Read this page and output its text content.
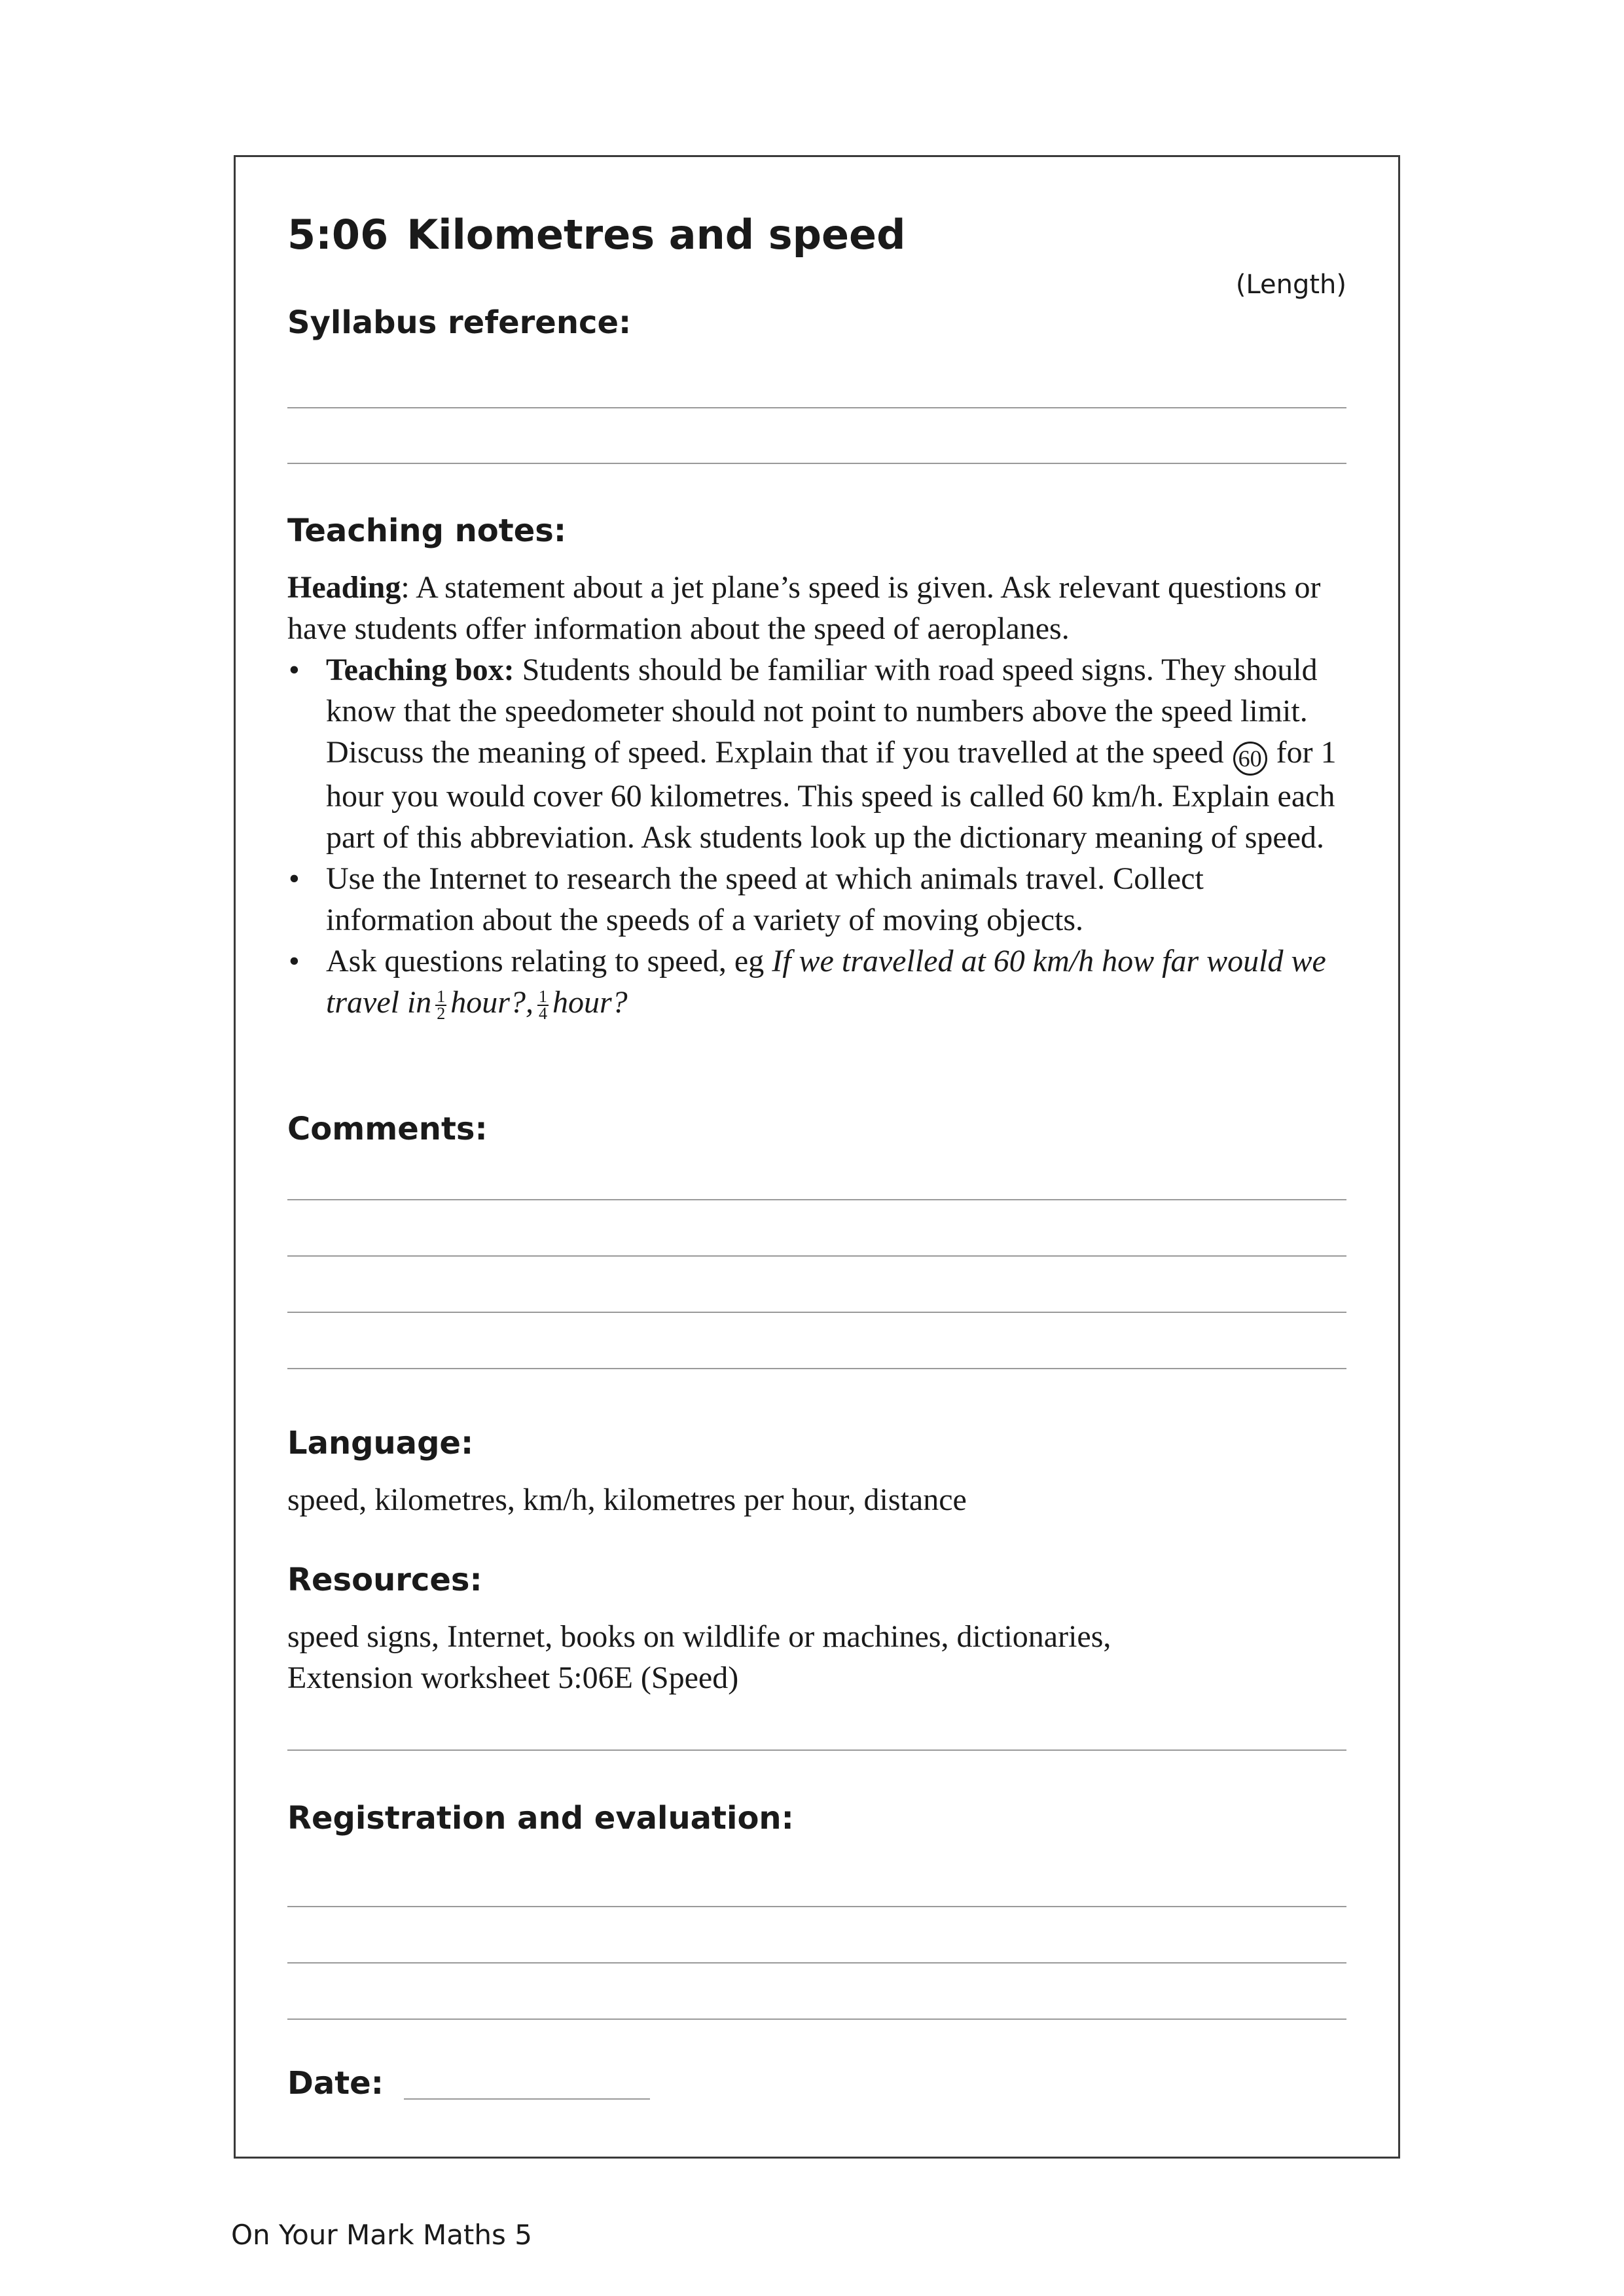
5:06 Kilometres and speed
(Length)
Syllabus reference:
Teaching notes:

Heading: A statement about a jet plane’s speed is given. Ask relevant questions or have students offer information about the speed of aeroplanes.

• Teaching box: Students should be familiar with road speed signs. They should know that the speedometer should not point to numbers above the speed limit. Discuss the meaning of speed. Explain that if you travelled at the speed 60 for 1 hour you would cover 60 kilometres. This speed is called 60 km/h. Explain each part of this abbreviation. Ask students look up the dictionary meaning of speed.
• Use the Internet to research the speed at which animals travel. Collect information about the speeds of a variety of moving objects.
• Ask questions relating to speed, eg If we travelled at 60 km/h how far would we travel in $\frac{1}{2}$ hour?, $\frac{1}{4}$ hour?
Comments:
Language:
speed, kilometres, km/h, kilometres per hour, distance
Resources:

speed signs, Internet, books on wildlife or machines, dictionaries,

Extension worksheet 5:06E (Speed)

Registration and evaluation:
Date:
On Your Mark Maths 5
